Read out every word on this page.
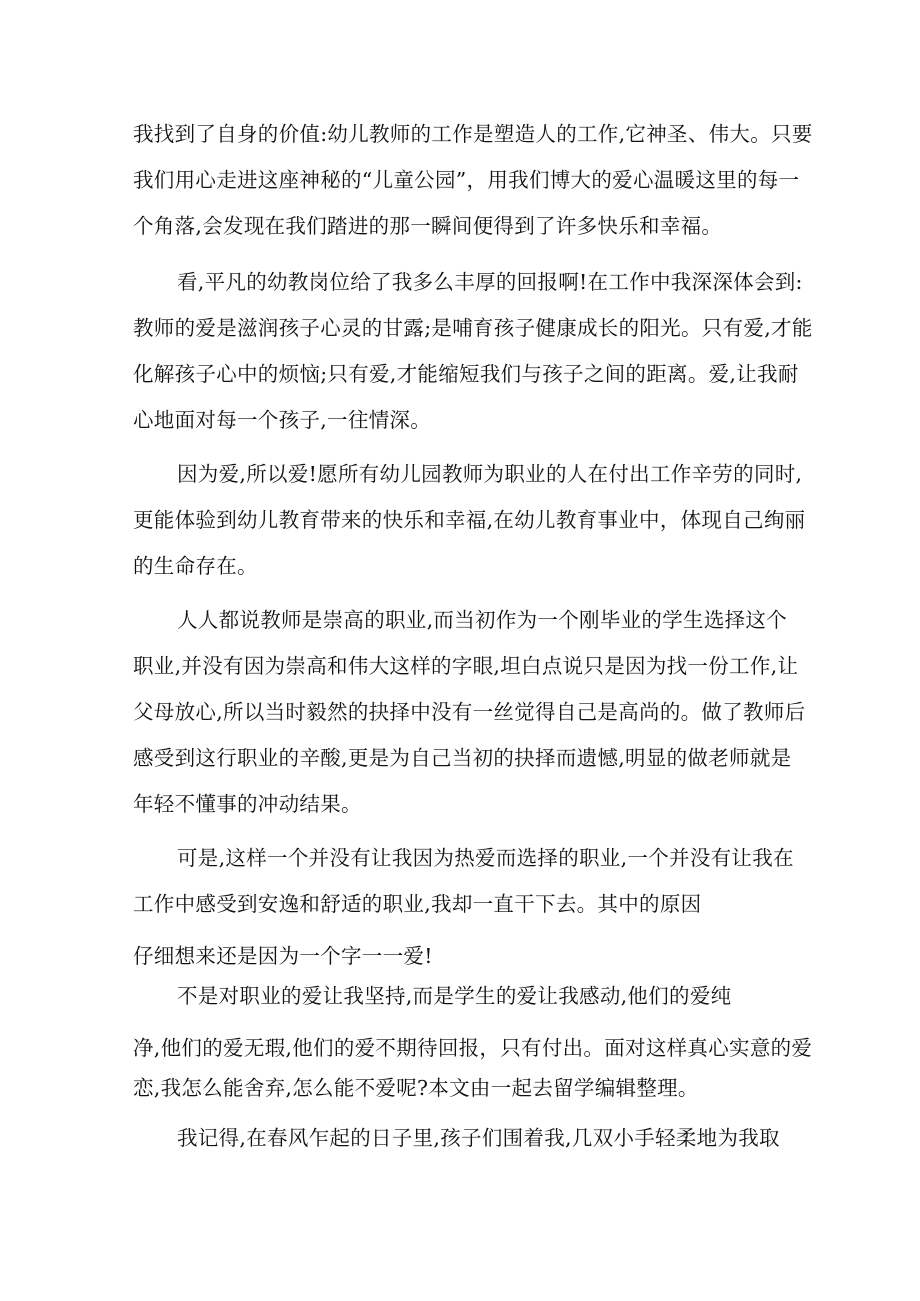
我找到了自身的价值:幼儿教师的工作是塑造人的工作,它神圣、伟大。只要
我们用心走进这座神秘的“儿童公园”，用我们博大的爱心温暖这里的每一
个角落,会发现在我们踏进的那一瞬间便得到了许多快乐和幸福。
看,平凡的幼教岗位给了我多么丰厚的回报啊!在工作中我深深体会到:
教师的爱是滋润孩子心灵的甘露;是哺育孩子健康成长的阳光。只有爱,才能
化解孩子心中的烦恼;只有爱,才能缩短我们与孩子之间的距离。爱,让我耐
心地面对每一个孩子,一往情深。
因为爱,所以爱!愿所有幼儿园教师为职业的人在付出工作辛劳的同时,
更能体验到幼儿教育带来的快乐和幸福,在幼儿教育事业中，体现自己绚丽
的生命存在。
人人都说教师是崇高的职业,而当初作为一个刚毕业的学生选择这个
职业,并没有因为崇高和伟大这样的字眼,坦白点说只是因为找一份工作,让
父母放心,所以当时毅然的抉择中没有一丝觉得自己是高尚的。做了教师后
感受到这行职业的辛酸,更是为自己当初的抉择而遗憾,明显的做老师就是
年轻不懂事的冲动结果。
可是,这样一个并没有让我因为热爱而选择的职业,一个并没有让我在
工作中感受到安逸和舒适的职业,我却一直干下去。其中的原因
仔细想来还是因为一个字一一爱!
不是对职业的爱让我坚持,而是学生的爱让我感动,他们的爱纯
净,他们的爱无瑕,他们的爱不期待回报，只有付出。面对这样真心实意的爱
恋,我怎么能舍弃,怎么能不爱呢?本文由一起去留学编辑整理。
我记得,在春风乍起的日子里,孩子们围着我,几双小手轻柔地为我取
